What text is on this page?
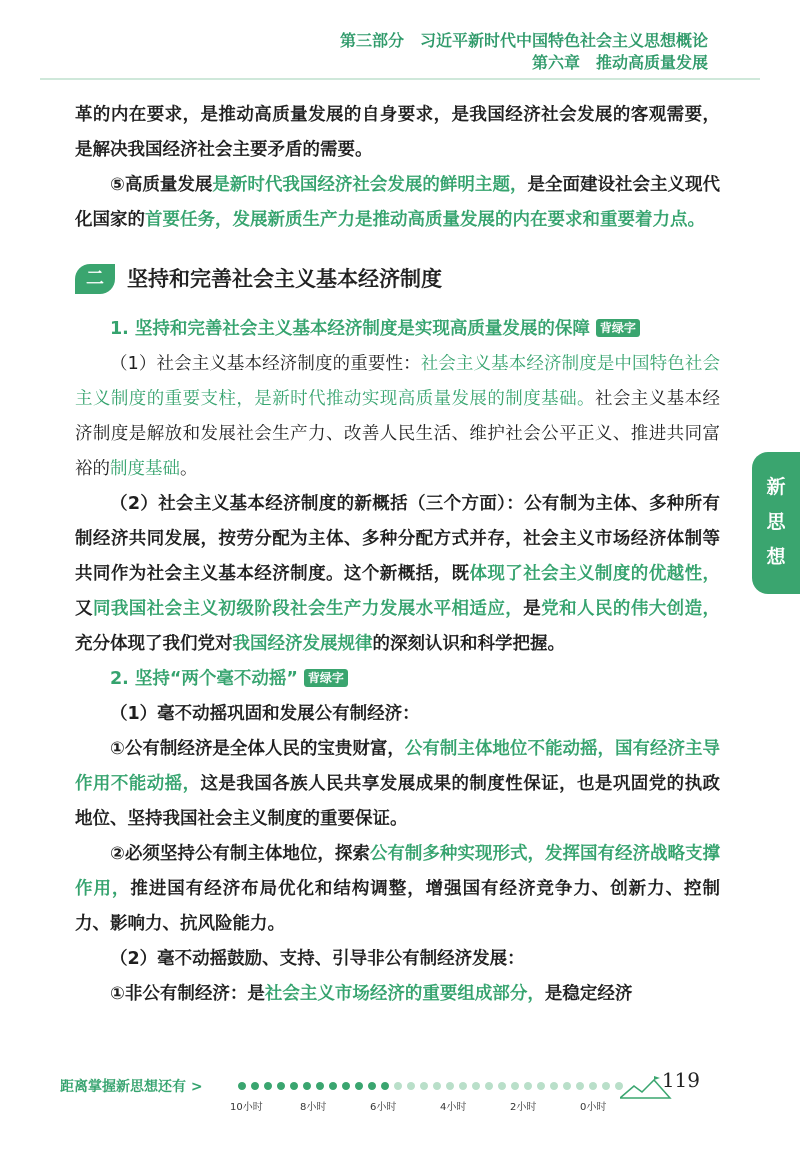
第三部分 习近平新时代中国特色社会主义思想概论
第六章 推动高质量发展

革的内在要求，是推动高质量发展的自身要求，是我国经济社会发展的客观需要，是解决我国经济社会主要矛盾的需要。

⑤高质量发展是新时代我国经济社会发展的鲜明主题，是全面建设社会主义现代化国家的首要任务，发展新质生产力是推动高质量发展的内在要求和重要着力点。

二	坚持和完善社会主义基本经济制度
1. 坚持和完善社会主义基本经济制度是实现高质量发展的保障 背绿字

（1）社会主义基本经济制度的重要性：社会主义基本经济制度是中国特色社会主义制度的重要支柱，是新时代推动实现高质量发展的制度基础。社会主义基本经济制度是解放和发展社会生产力、改善人民生活、维护社会公平正义、推进共同富裕的制度基础。

（2）社会主义基本经济制度的新概括（三个方面）：公有制为主体、多种所有制经济共同发展，按劳分配为主体、多种分配方式并存，社会主义市场经济体制等共同作为社会主义基本经济制度。这个新概括，既体现了社会主义制度的优越性，又同我国社会主义初级阶段社会生产力发展水平相适应，是党和人民的伟大创造，充分体现了我们党对我国经济发展规律的深刻认识和科学把握。

2. 坚持“两个毫不动摇” 背绿字

（1）毫不动摇巩固和发展公有制经济：

①公有制经济是全体人民的宝贵财富，公有制主体地位不能动摇，国有经济主导作用不能动摇，这是我国各族人民共享发展成果的制度性保证，也是巩固党的执政地位、坚持我国社会主义制度的重要保证。

②必须坚持公有制主体地位，探索公有制多种实现形式，发挥国有经济战略支撑作用，推进国有经济布局优化和结构调整，增强国有经济竞争力、创新力、控制力、影响力、抗风险能力。

（2）毫不动摇鼓励、支持、引导非公有制经济发展：

①非公有制经济：是社会主义市场经济的重要组成部分，是稳定经济

新
思
想
距离掌握新思想还有 >
10小时	8小时	6小时	4小时	2小时	0小时
119
